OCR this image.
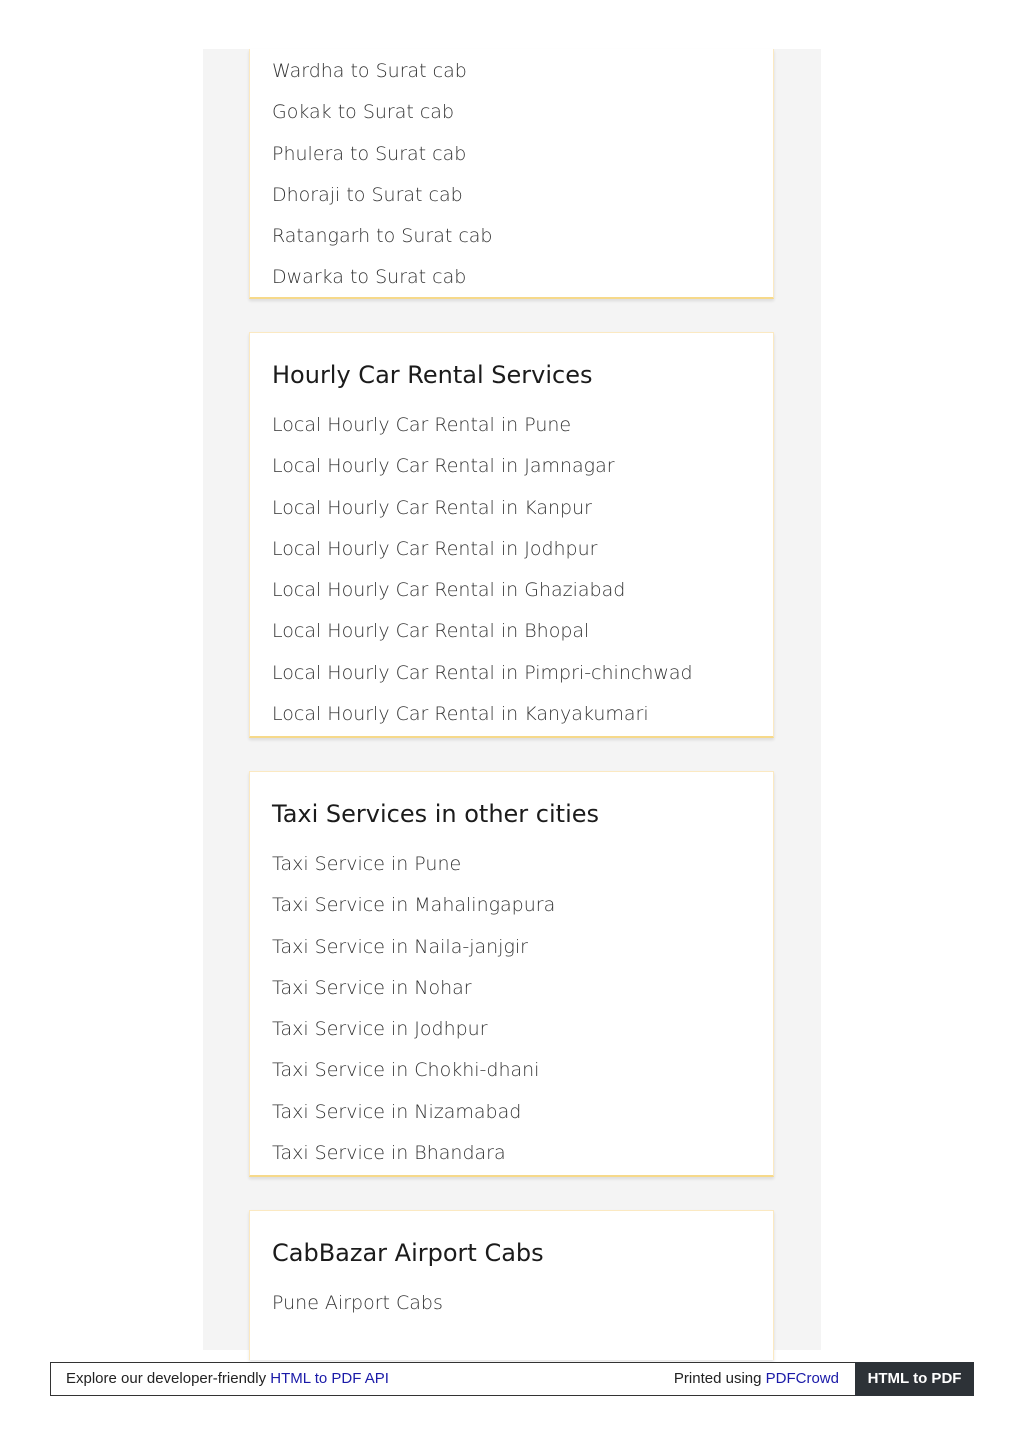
Wardha to Surat cab
Gokak to Surat cab
Phulera to Surat cab
Dhoraji to Surat cab
Ratangarh to Surat cab
Dwarka to Surat cab
Hourly Car Rental Services
Local Hourly Car Rental in Pune
Local Hourly Car Rental in Jamnagar
Local Hourly Car Rental in Kanpur
Local Hourly Car Rental in Jodhpur
Local Hourly Car Rental in Ghaziabad
Local Hourly Car Rental in Bhopal
Local Hourly Car Rental in Pimpri-chinchwad
Local Hourly Car Rental in Kanyakumari
Taxi Services in other cities
Taxi Service in Pune
Taxi Service in Mahalingapura
Taxi Service in Naila-janjgir
Taxi Service in Nohar
Taxi Service in Jodhpur
Taxi Service in Chokhi-dhani
Taxi Service in Nizamabad
Taxi Service in Bhandara
CabBazar Airport Cabs
Pune Airport Cabs
Explore our developer-friendly HTML to PDF API	Printed using PDFCrowd	HTML to PDF
